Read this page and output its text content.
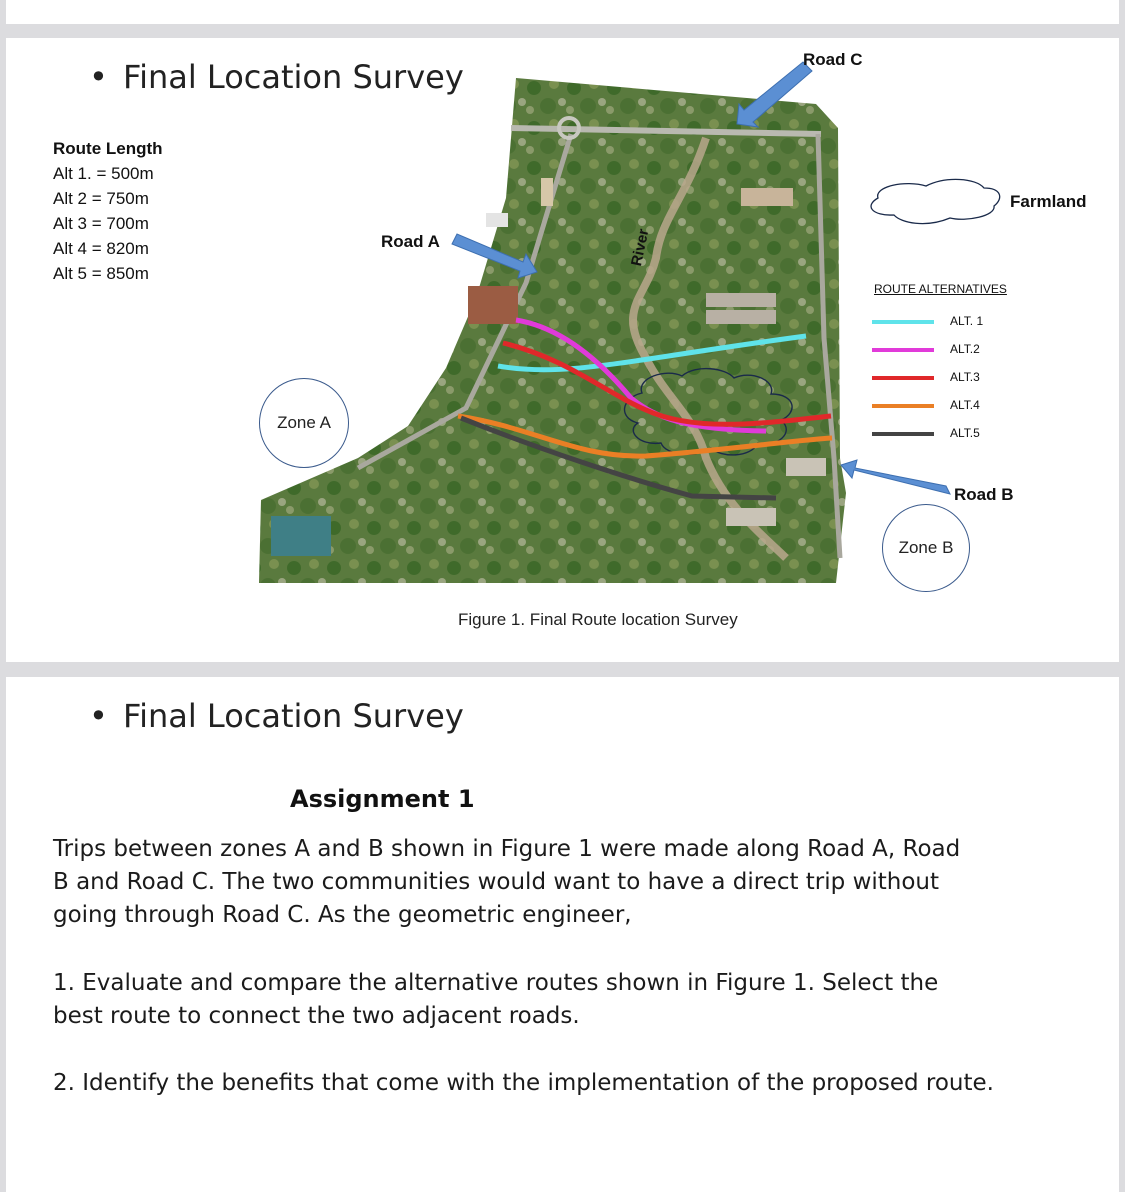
• Final Location Survey
Route Length
Alt 1. = 500m
Alt 2 = 750m
Alt 3 = 700m
Alt 4 = 820m
Alt 5 = 850m
Road C
Road A
Road B
River
Zone A
Zone B
Farmland
ROUTE ALTERNATIVES
ALT. 1
ALT.2
ALT.3
ALT.4
ALT.5
Figure 1. Final Route location Survey
• Final Location Survey
Assignment 1
Trips between zones A and B shown in Figure 1 were made along Road A, Road B and Road C. The two communities would want to have a direct trip without going through Road C. As the geometric engineer,
1. Evaluate and compare the alternative routes shown in Figure 1. Select the best route to connect the two adjacent roads.
2. Identify the benefits that come with the implementation of the proposed route.
